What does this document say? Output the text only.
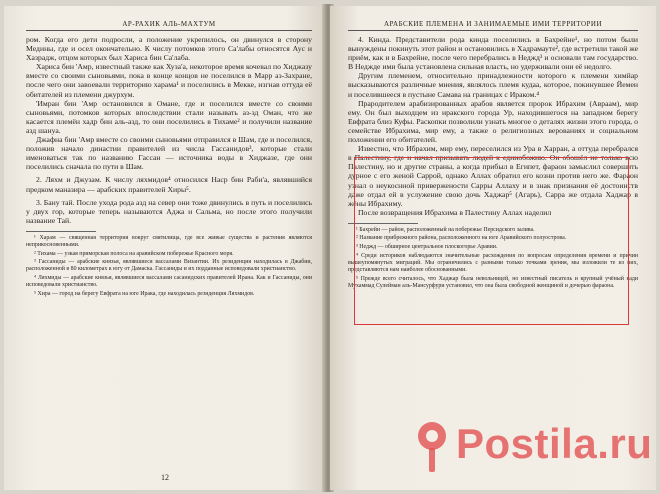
АР-РАХИК АЛЬ-МАХТУМ

ром. Когда его дети подросли, а положение укрепилось, он двинулся в сторону Медины, где и осел окончательно. К числу потомков этого Са'лабы относятся Аус и Хазрадж, отцом которых был Хариса бин Са'лаба.

Хариса бин 'Амр, известный также как Хуза'а, некоторое время кочевал по Хиджазу вместе со своими сыновьями, пока в конце концов не поселился в Марр аз-Захране, после чего они завоевали территорию харама¹ и поселились в Мекке, изгнав оттуда её обитателей из племени джурхум.

'Имран бин 'Амр остановился в Омане, где и поселился вместе со своими сыновьями, потомков которых впоследствии стали называть аз-зд Оман, что же касается племён хадр бин аль-азд, то они поселились в Тихаме² и получили название азд шануа.

Джафна бин 'Амр вместе со своими сыновьями отправился в Шам, где и поселился, положив начало династии правителей из числа Гассанидов³, которые стали именоваться так по названию Гассан — источника воды в Хиджазе, где они поселились сначала по пути в Шам.

2. Ляхм и Джузам. К числу ляхмидов⁴ относился Наср бин Раби'а, являвшийся предком маназира — арабских правителей Хиры⁵.

3. Бану тай. После ухода рода азд на север они тоже двинулись в путь и поселились у двух гор, которые теперь называются Аджа и Сальма, но после этого получили название Тай.

¹ Харам — священная территория вокруг святилища, где все живые существа и растения являются неприкосновенными.

² Тихама — узкая приморская полоса на аравийском побережье Красного моря.

³ Гассаниды — арабские князья, являвшиеся вассалами Византии. Их резиденция находилась в Джабии, расположенной в 80 километрах к югу от Дамаска. Гассаниды и их подданные исповедовали христианство.

⁴ Ляхмиды — арабские князья, являвшиеся вассалами сасанидских правителей Ирана. Как и Гассаниды, они исповедовали христианство.

⁵ Хира — город на берегу Евфрата на юге Ирака, где находилась резиденция Ляхмидов.

12
АРАБСКИЕ ПЛЕМЕНА И ЗАНИМАЕМЫЕ ИМИ ТЕРРИТОРИИ

4. Кинда. Представители рода кинда поселились в Бахрейне¹, но потом были вынуждены покинуть этот район и остановились в Хадрамауте², где встретили такой же приём, как и в Бахрейне, после чего перебрались в Неджд³ и основали там государство. В Неджде ими была установлена сильная власть, но удерживали они её недолго.

Другим племенем, относительно принадлежности которого к племени химйар высказываются различные мнения, являлось племя кудаа, которое, покинувшее Йемен и поселившееся в пустыне Самава на границах с Ираком.⁴

Прародителем арабизированных арабов является пророк Ибрахим (Авраам), мир ему. Он был выходцем из иракского города Ур, находившегося на западном берегу Евфрата близ Куфы. Раскопки позволили узнать многое о деталях жизни этого города, о семействе Ибрахима, мир ему, а также о религиозных верованиях и социальном положении его обитателей.

Известно, что Ибрахим, мир ему, переселился из Ура в Харран, а оттуда перебрался в Палестину, где и начал призывать людей к единобожию. Он обошёл не только всю Палестину, но и другие страны, а когда прибыл в Египет, фараон замыслил совершить дурное с его женой Саррой, однако Аллах обратил его козни против него же. Фараон узнал о неукоснной привержености Сарры Аллаху и в знак признания её достоинств даже отдал ей в услужение свою дочь Хаджар⁵ (Агарь), Сарра же отдала Хаджар в жёны Ибрахиму.

После возвращения Ибрахима в Палестину Аллах наделил

¹ Бахрейн — район, расположенный на побережье Персидского залива.

² Название прибрежного района, расположенного на юге Аравийского полуострова.

³ Неджд — обширное центральное плоскогорье Аравии.

⁴ Среди историков наблюдаются значительные расхождения по вопросам определения времени и причин вышеупомянутых миграций. Мы ограничились с разными только точками зрения, мы изложили те из них, представляются нам наиболее обоснованными.

⁵ Прежде всего считалось, что Хаджар была невольницей, но известный писатель и крупный учёный кади Мухаммад Сулейман аль-Мансурфури установил, что она была свободной женщиной и дочерью фараона.

Postila.ru
